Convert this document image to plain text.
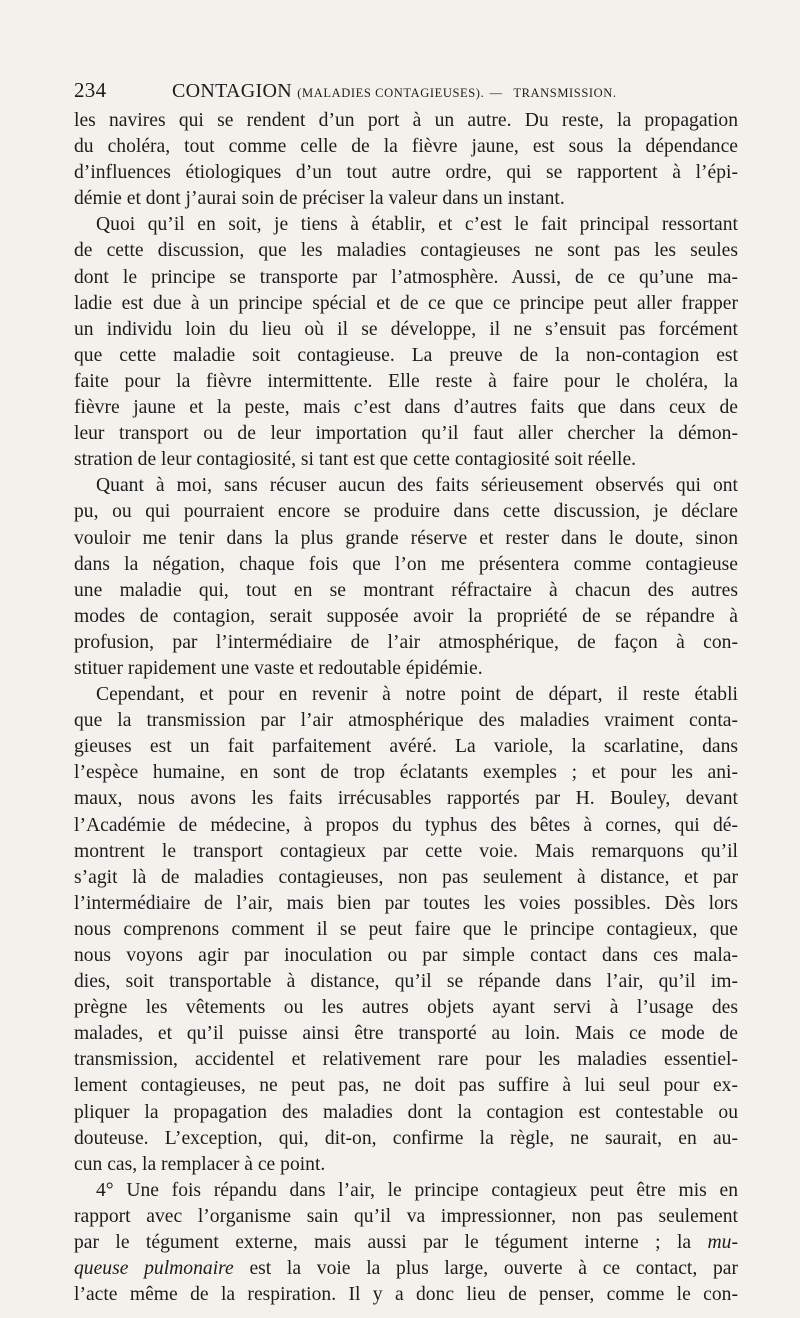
234	CONTAGION
(MALADIES CONTAGIEUSES).
—
TRANSMISSION.
les navires qui se rendent d’un port à un autre. Du reste, la propagation
du choléra, tout comme celle de la fièvre jaune, est sous la dépendance
d’influences étiologiques d’un tout autre ordre, qui se rapportent à l’épi-
démie et dont j’aurai soin de préciser la valeur dans un instant.
Quoi qu’il en soit, je tiens à établir, et c’est le fait principal ressortant
de cette discussion, que les maladies contagieuses ne sont pas les seules
dont le principe se transporte par l’atmosphère. Aussi, de ce qu’une ma-
ladie est due à un principe spécial et de ce que ce principe peut aller frapper
un individu loin du lieu où il se développe, il ne s’ensuit pas forcément
que cette maladie soit contagieuse. La preuve de la non-contagion est
faite pour la fièvre intermittente. Elle reste à faire pour le choléra, la
fièvre jaune et la peste, mais c’est dans d’autres faits que dans ceux de
leur transport ou de leur importation qu’il faut aller chercher la démon-
stration de leur contagiosité, si tant est que cette contagiosité soit réelle.
Quant à moi, sans récuser aucun des faits sérieusement observés qui ont
pu, ou qui pourraient encore se produire dans cette discussion, je déclare
vouloir me tenir dans la plus grande réserve et rester dans le doute, sinon
dans la négation, chaque fois que l’on me présentera comme contagieuse
une maladie qui, tout en se montrant réfractaire à chacun des autres
modes de contagion, serait supposée avoir la propriété de se répandre à
profusion, par l’intermédiaire de l’air atmosphérique, de façon à con-
stituer rapidement une vaste et redoutable épidémie.
Cependant, et pour en revenir à notre point de départ, il reste établi
que la transmission par l’air atmosphérique des maladies vraiment conta-
gieuses est un fait parfaitement avéré. La variole, la scarlatine, dans
l’espèce humaine, en sont de trop éclatants exemples ; et pour les ani-
maux, nous avons les faits irrécusables rapportés par H. Bouley, devant
l’Académie de médecine, à propos du typhus des bêtes à cornes, qui dé-
montrent le transport contagieux par cette voie. Mais remarquons qu’il
s’agit là de maladies contagieuses, non pas seulement à distance, et par
l’intermédiaire de l’air, mais bien par toutes les voies possibles. Dès lors
nous comprenons comment il se peut faire que le principe contagieux, que
nous voyons agir par inoculation ou par simple contact dans ces mala-
dies, soit transportable à distance, qu’il se répande dans l’air, qu’il im-
prègne les vêtements ou les autres objets ayant servi à l’usage des
malades, et qu’il puisse ainsi être transporté au loin. Mais ce mode de
transmission, accidentel et relativement rare pour les maladies essentiel-
lement contagieuses, ne peut pas, ne doit pas suffire à lui seul pour ex-
pliquer la propagation des maladies dont la contagion est contestable ou
douteuse. L’exception, qui, dit-on, confirme la règle, ne saurait, en au-
cun cas, la remplacer à ce point.
4° Une fois répandu dans l’air, le principe contagieux peut être mis en
rapport avec l’organisme sain qu’il va impressionner, non pas seulement
par le tégument externe, mais aussi par le tégument interne ; la mu-
queuse pulmonaire est la voie la plus large, ouverte à ce contact, par
l’acte même de la respiration. Il y a donc lieu de penser, comme le con-
